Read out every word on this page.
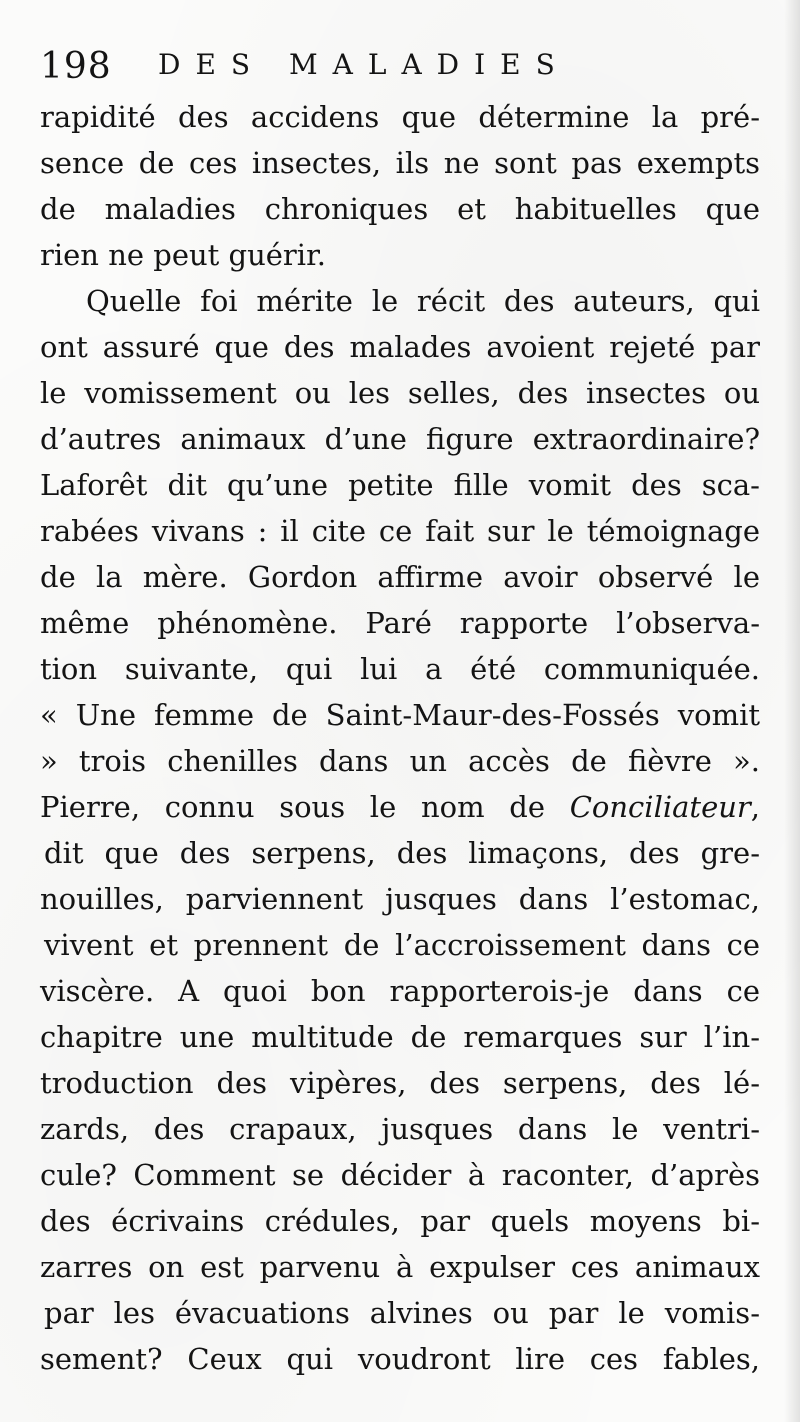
198 DES MALADIES
rapidité des accidens que détermine la pré-
sence de ces insectes, ils ne sont pas exempts
de maladies chroniques et habituelles que
rien ne peut guérir.
Quelle foi mérite le récit des auteurs, qui
ont assuré que des malades avoient rejeté par
le vomissement ou les selles, des insectes ou
d’autres animaux d’une figure extraordinaire?
Laforêt dit qu’une petite fille vomit des sca-
rabées vivans : il cite ce fait sur le témoignage
de la mère. Gordon affirme avoir observé le
même phénomène. Paré rapporte l’observa-
tion suivante, qui lui a été communiquée.
« Une femme de Saint-Maur-des-Fossés vomit
» trois chenilles dans un accès de fièvre ».
Pierre, connu sous le nom de Conciliateur,
dit que des serpens, des limaçons, des gre-
nouilles, parviennent jusques dans l’estomac,
vivent et prennent de l’accroissement dans ce
viscère. A quoi bon rapporterois-je dans ce
chapitre une multitude de remarques sur l’in-
troduction des vipères, des serpens, des lé-
zards, des crapaux, jusques dans le ventri-
cule? Comment se décider à raconter, d’après
des écrivains crédules, par quels moyens bi-
zarres on est parvenu à expulser ces animaux
par les évacuations alvines ou par le vomis-
sement? Ceux qui voudront lire ces fables,
